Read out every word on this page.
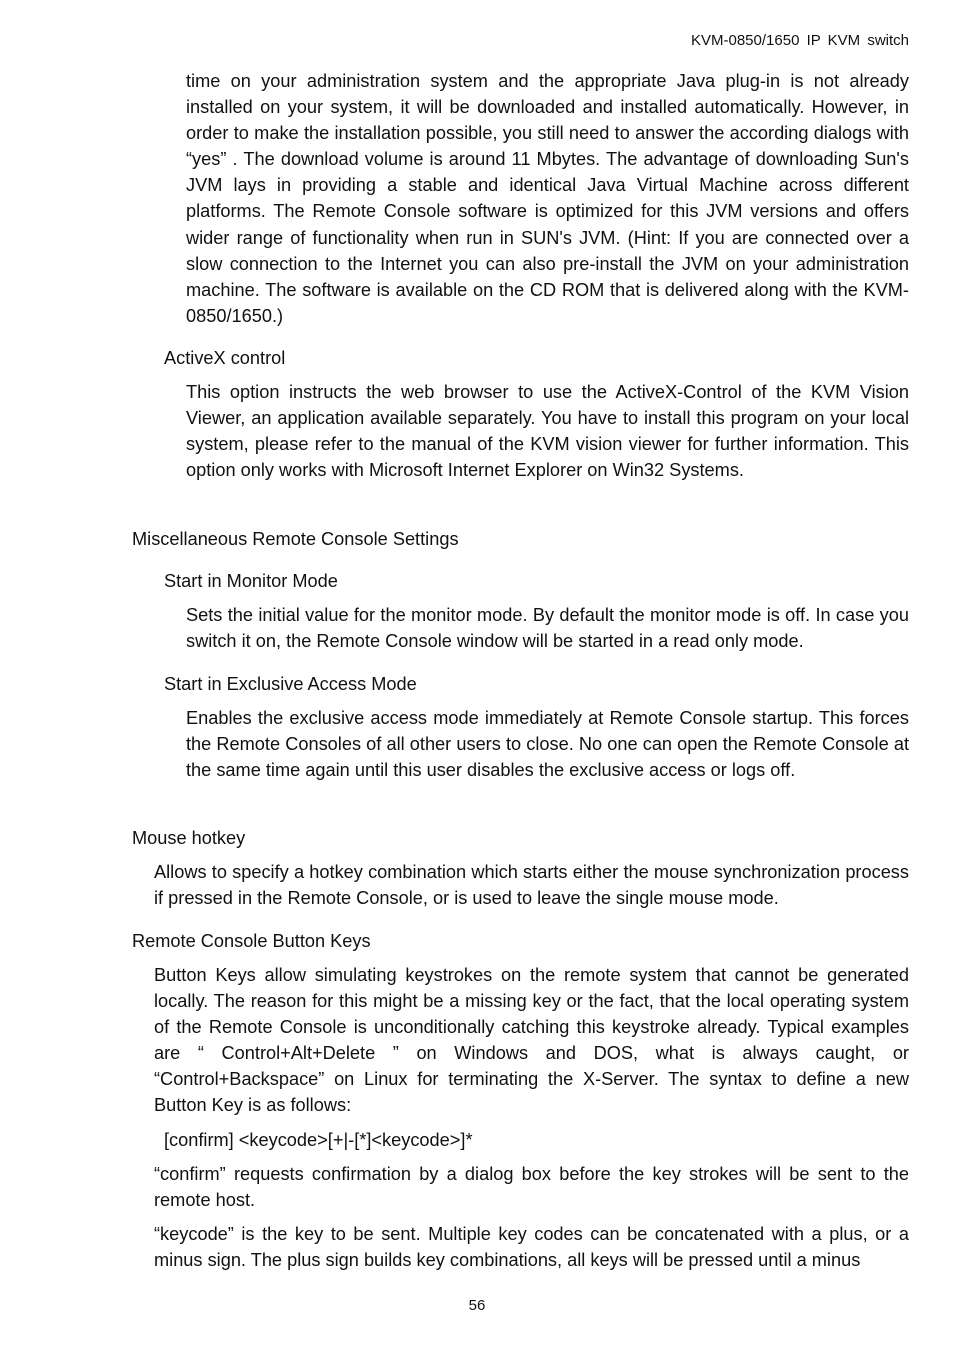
KVM-0850/1650 IP KVM switch

time on your administration system and the appropriate Java plug-in is not already installed on your system, it will be downloaded and installed automatically. However, in order to make the installation possible, you still need to answer the according dialogs with “yes” . The download volume is around 11 Mbytes. The advantage of downloading Sun's JVM lays in providing a stable and identical Java Virtual Machine across different platforms. The Remote Console software is optimized for this JVM versions and offers wider range of functionality when run in SUN's JVM. (Hint: If you are connected over a slow connection to the Internet you can also pre-install the JVM on your administration machine. The software is available on the CD ROM that is delivered along with the KVM-0850/1650.)

ActiveX control

This option instructs the web browser to use the ActiveX-Control of the KVM Vision Viewer, an application available separately. You have to install this program on your local system, please refer to the manual of the KVM vision viewer for further information. This option only works with Microsoft Internet Explorer on Win32 Systems.

Miscellaneous Remote Console Settings

Start in Monitor Mode

Sets the initial value for the monitor mode. By default the monitor mode is off. In case you switch it on, the Remote Console window will be started in a read only mode.

Start in Exclusive Access Mode

Enables the exclusive access mode immediately at Remote Console startup. This forces the Remote Consoles of all other users to close. No one can open the Remote Console at the same time again until this user disables the exclusive access or logs off.

Mouse hotkey

Allows to specify a hotkey combination which starts either the mouse synchronization process if pressed in the Remote Console, or is used to leave the single mouse mode.

Remote Console Button Keys

Button Keys allow simulating keystrokes on the remote system that cannot be generated locally. The reason for this might be a missing key or the fact, that the local operating system of the Remote Console is unconditionally catching this keystroke already. Typical examples are “ Control+Alt+Delete ” on Windows and DOS, what is always caught, or “Control+Backspace” on Linux for terminating the X-Server. The syntax to define a new Button Key is as follows:

[confirm] <keycode>[+|-[*]<keycode>]*

“confirm” requests confirmation by a dialog box before the key strokes will be sent to the remote host.

“keycode” is the key to be sent. Multiple key codes can be concatenated with a plus, or a minus sign. The plus sign builds key combinations, all keys will be pressed until a minus

56
